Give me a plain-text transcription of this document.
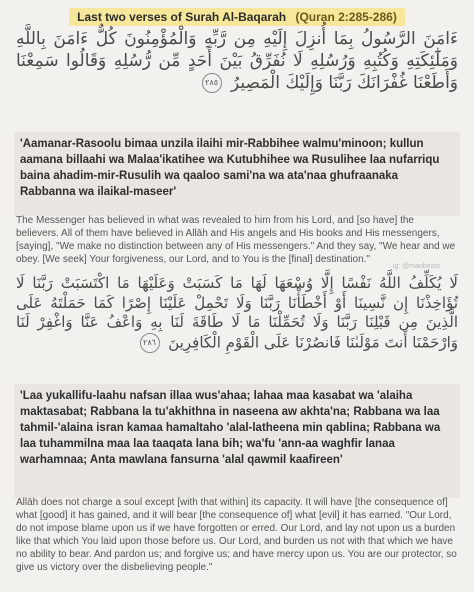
Last two verses of Surah Al-Baqarah (Quran 2:285-286)
ءَامَنَ الرَّسُولُ بِمَا أُنزِلَ إِلَيْهِ مِن رَّبِّهِ وَالْمُؤْمِنُونَ كُلٌّ ءَامَنَ بِاللَّهِ وَمَلَٰٓئِكَتِهِ وَكُتُبِهِ وَرُسُلِهِ لَا نُفَرِّقُ بَيْنَ أَحَدٍ مِّن رُّسُلِهِ وَقَالُوا سَمِعْنَا وَأَطَعْنَا غُفْرَانَكَ رَبَّنَا وَإِلَيْكَ الْمَصِيرُ ٢٨٥
'Aamanar-Rasoolu bimaa unzila ilaihi mir-Rabbihee walmu'minoon; kullun aamana billaahi wa Malaa'ikatihee wa Kutubhihee wa Rusulihee laa nufarriqu baina ahadim-mir-Rusulih wa qaaloo sami'na wa ata'naa ghufraanaka Rabbanna wa ilaikal-maseer'
The Messenger has believed in what was revealed to him from his Lord, and [so have] the believers. All of them have believed in Allāh and His angels and His books and His messengers, [saying], "We make no distinction between any of His messengers." And they say, "We hear and we obey. [We seek] Your forgiveness, our Lord, and to You is the [final] destination."
ig: @manbeast
لَا يُكَلِّفُ اللَّهُ نَفْسًا إِلَّا وُسْعَهَا لَهَا مَا كَسَبَتْ وَعَلَيْهَا مَا اكْتَسَبَتْ رَبَّنَا لَا تُؤَاخِذْنَا إِن نَّسِينَا أَوْ أَخْطَأْنَا رَبَّنَا وَلَا تَحْمِلْ عَلَيْنَا إِصْرًا كَمَا حَمَلْتَهُ عَلَى الَّذِينَ مِن قَبْلِنَا رَبَّنَا وَلَا تُحَمِّلْنَا مَا لَا طَاقَةَ لَنَا بِهِ وَاعْفُ عَنَّا وَاغْفِرْ لَنَا وَارْحَمْنَا أَنتَ مَوْلَىٰنَا فَانصُرْنَا عَلَى الْقَوْمِ الْكَافِرِينَ ٢٨٦
'Laa yukallifu-laahu nafsan illaa wus'ahaa; lahaa maa kasabat wa 'alaiha maktasabat; Rabbana la tu'akhithna in naseena aw akhta'na; Rabbana wa laa tahmil-'alaina isran kamaa hamaltaho 'alal-latheena min qablina; Rabbana wa laa tuhammilna maa laa taaqata lana bih; wa'fu 'ann-aa waghfir lanaa warhamnaa; Anta mawlana fansurna 'alal qawmil kaafireen'
Allāh does not charge a soul except [with that within] its capacity. It will have [the consequence of] what [good] it has gained, and it will bear [the consequence of] what [evil] it has earned. "Our Lord, do not impose blame upon us if we have forgotten or erred. Our Lord, and lay not upon us a burden like that which You laid upon those before us. Our Lord, and burden us not with that which we have no ability to bear. And pardon us; and forgive us; and have mercy upon us. You are our protector, so give us victory over the disbelieving people."
